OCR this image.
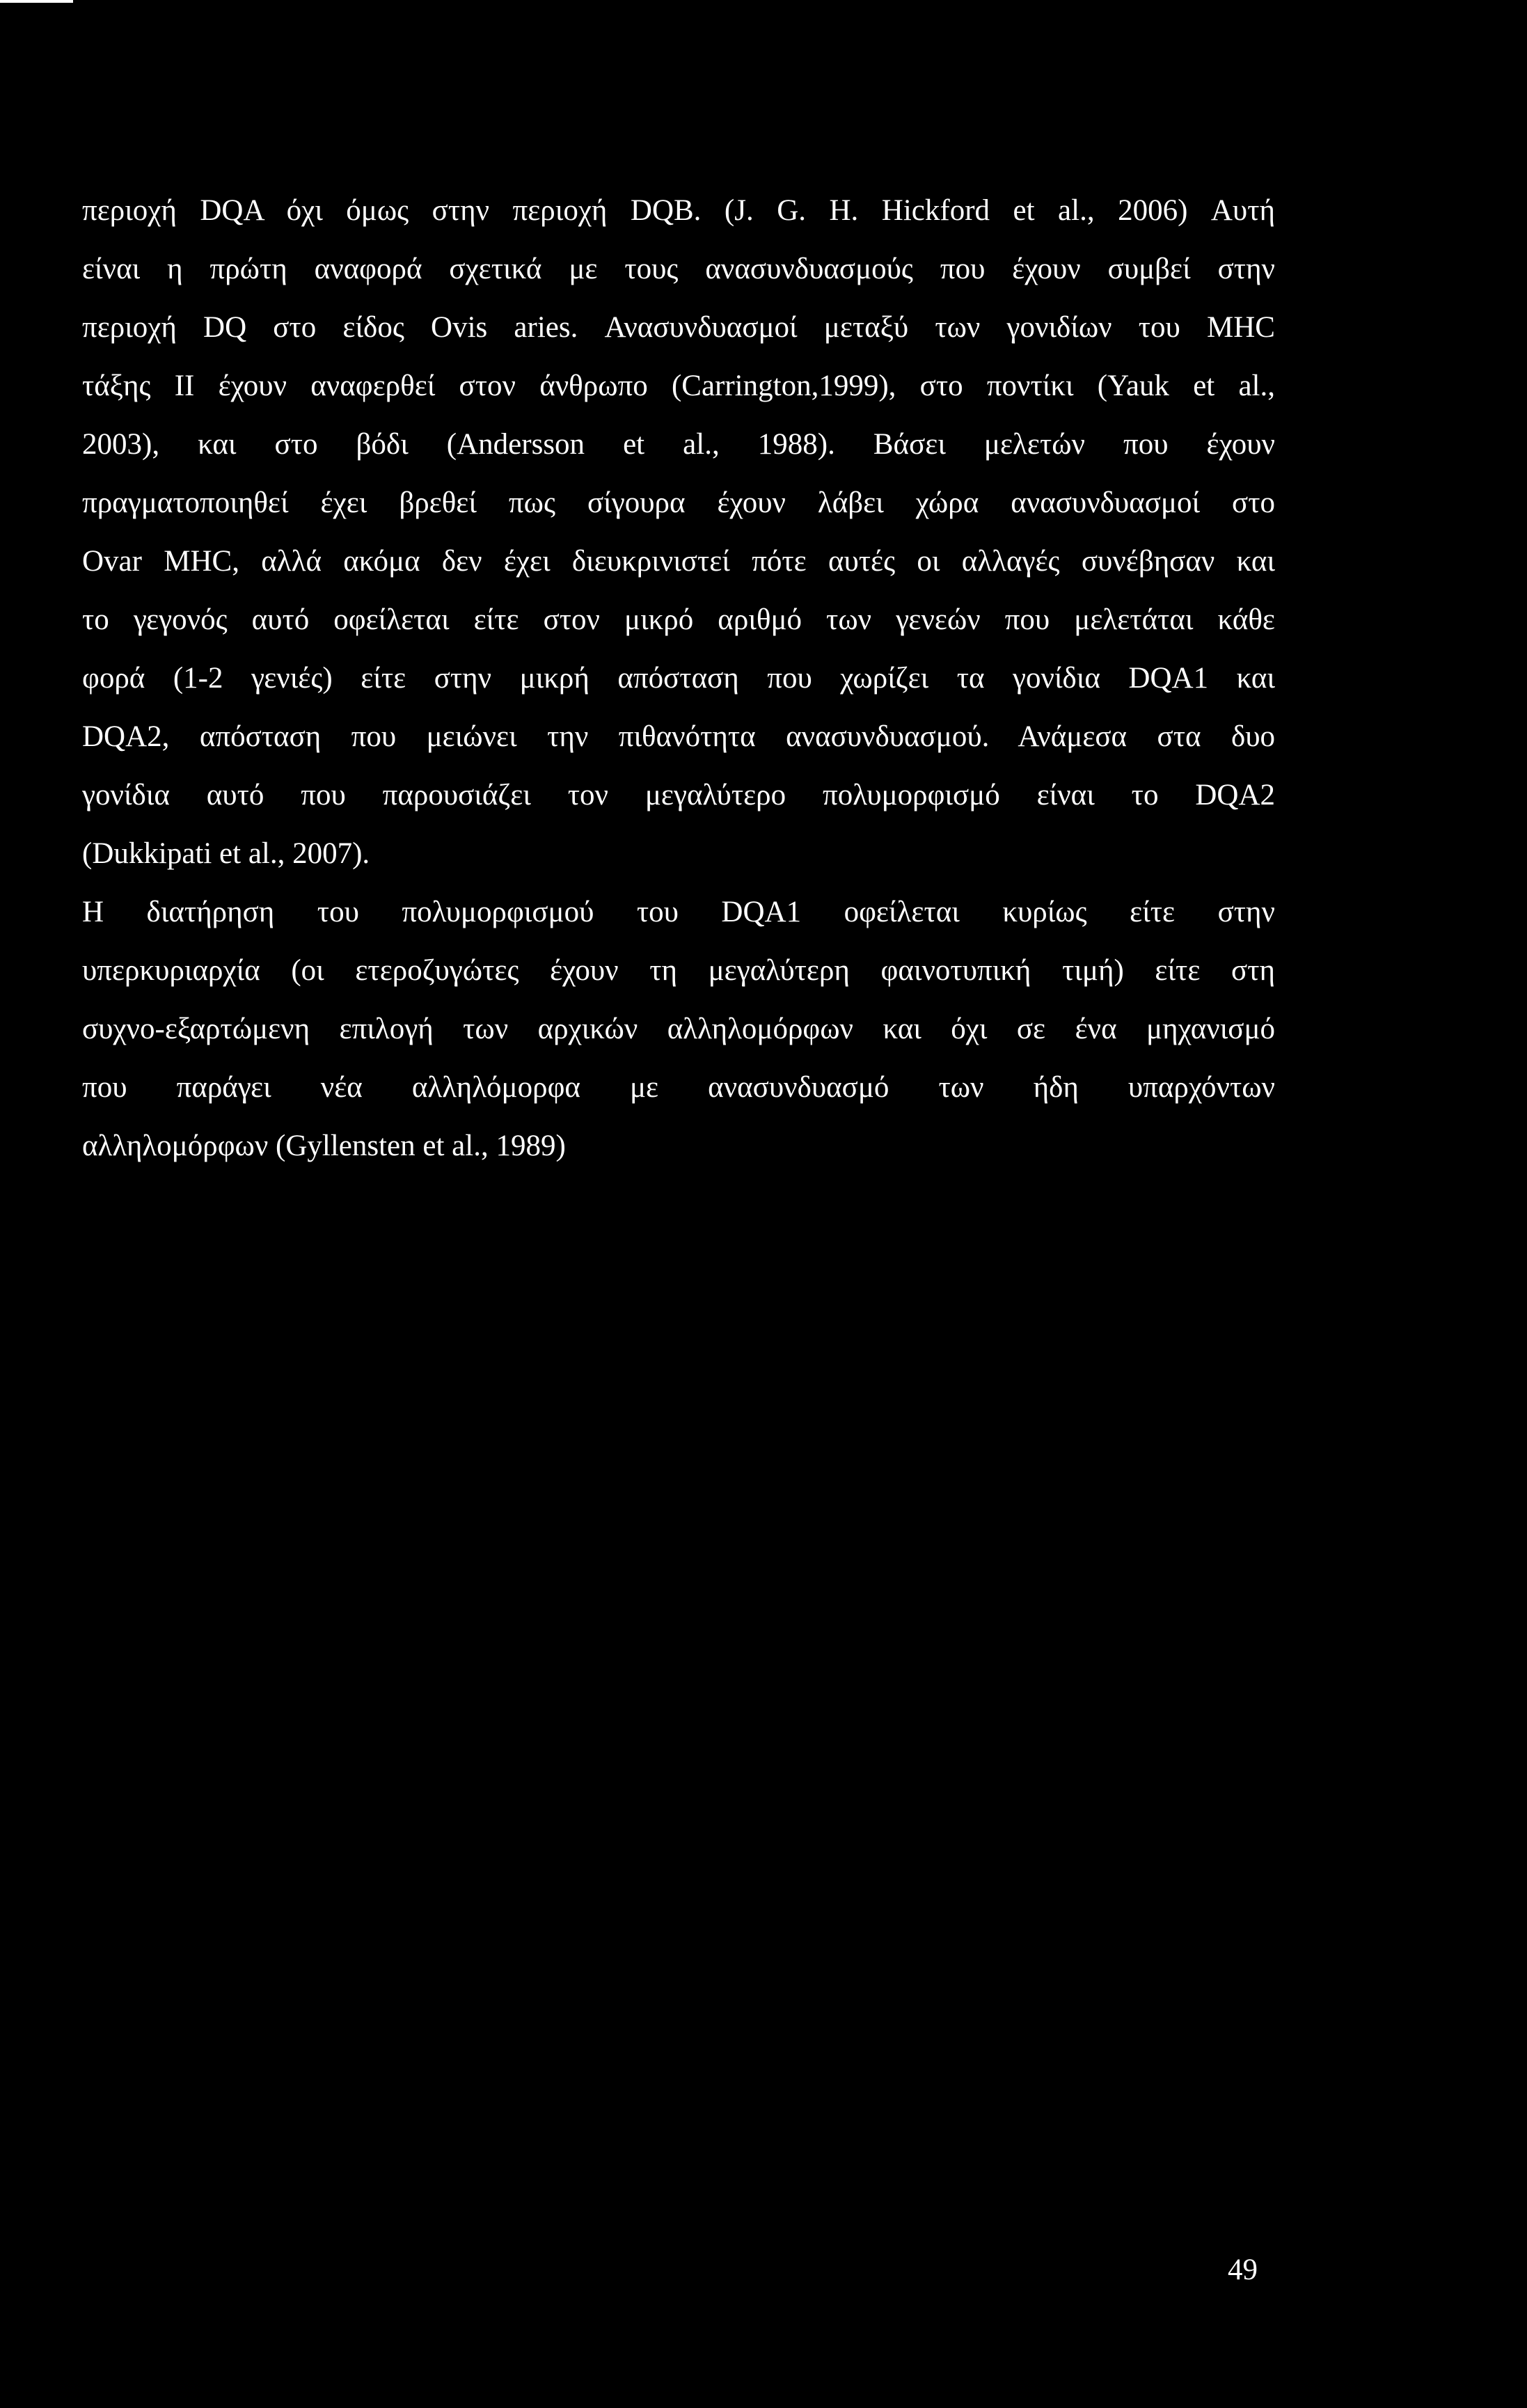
περιοχή DQA όχι όμως στην περιοχή DQB. (J. G. H. Hickford et al., 2006) Αυτή
είναι η πρώτη αναφορά σχετικά με τους ανασυνδυασμούς που έχουν συμβεί στην
περιοχή DQ στο είδος Ovis aries. Ανασυνδυασμοί μεταξύ των γονιδίων του MHC
τάξης ΙΙ έχουν αναφερθεί στον άνθρωπο (Carrington,1999), στο ποντίκι (Yauk et al.,
2003), και στο βόδι (Andersson et al., 1988). Βάσει μελετών που έχουν
πραγματοποιηθεί έχει βρεθεί πως σίγουρα έχουν λάβει χώρα ανασυνδυασμοί στο
Ovar MHC, αλλά ακόμα δεν έχει διευκρινιστεί πότε αυτές οι αλλαγές συνέβησαν και
το γεγονός αυτό οφείλεται είτε στον μικρό αριθμό των γενεών που μελετάται κάθε
φορά (1-2 γενιές) είτε στην μικρή απόσταση που χωρίζει τα γονίδια DQA1 και
DQA2, απόσταση που μειώνει την πιθανότητα ανασυνδυασμού. Ανάμεσα στα δυο
γονίδια αυτό που παρουσιάζει τον μεγαλύτερο πολυμορφισμό είναι το DQA2
(Dukkipati et al., 2007).
Η διατήρηση του πολυμορφισμού του DQA1 οφείλεται κυρίως είτε στην
υπερκυριαρχία (οι ετεροζυγώτες έχουν τη μεγαλύτερη φαινοτυπική τιμή) είτε στη
συχνο-εξαρτώμενη επιλογή των αρχικών αλληλομόρφων και όχι σε ένα μηχανισμό
που παράγει νέα αλληλόμορφα με ανασυνδυασμό των ήδη υπαρχόντων
αλληλομόρφων (Gyllensten et al., 1989)
49
